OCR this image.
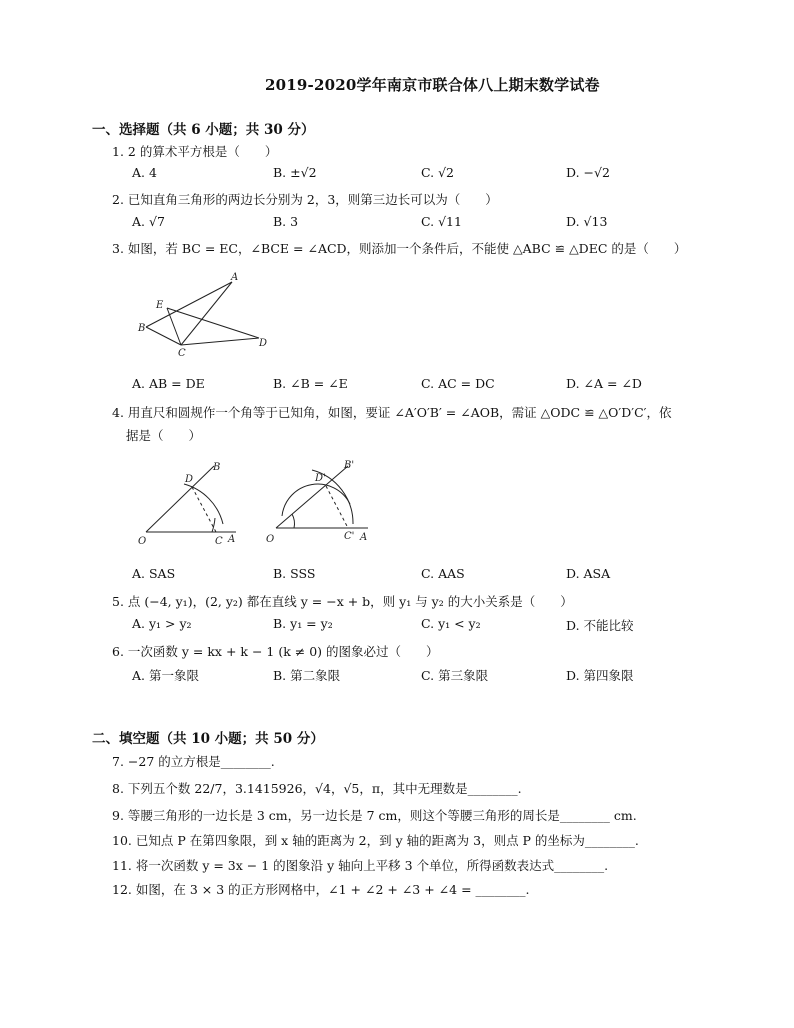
2019-2020学年南京市联合体八上期末数学试卷
一、选择题（共 6 小题；共 30 分）
1. 2 的算术平方根是（　　）
A. 4	B. ±√2	C. √2	D. −√2
2. 已知直角三角形的两边长分别为 2，3，则第三边长可以为（　　）
A. √7	B. 3	C. √11	D. √13
3. 如图，若 BC = EC，∠BCE = ∠ACD，则添加一个条件后，不能使 △ABC ≌ △DEC 的是（　　）
A
B
C
D
E
A. AB = DE	B. ∠B = ∠E	C. AC = DC	D. ∠A = ∠D
4. 用直尺和圆规作一个角等于已知角，如图，要证 ∠A′O′B′ = ∠AOB，需证 △ODC ≌ △O′D′C′，依
据是（　　）
O	C A
D
B
O	C' A
D'
B'
A. SAS	B. SSS	C. AAS	D. ASA
5. 点 (−4, y₁)，(2, y₂) 都在直线 y = −x + b，则 y₁ 与 y₂ 的大小关系是（　　）
A. y₁ > y₂	B. y₁ = y₂	C. y₁ < y₂	D. 不能比较
6. 一次函数 y = kx + k − 1 (k ≠ 0) 的图象必过（　　）
A. 第一象限	B. 第二象限	C. 第三象限	D. 第四象限
二、填空题（共 10 小题；共 50 分）
7. −27 的立方根是________.
8. 下列五个数 22/7，3.1415926，√4，√5，π，其中无理数是________.
9. 等腰三角形的一边长是 3 cm，另一边长是 7 cm，则这个等腰三角形的周长是________ cm.
10. 已知点 P 在第四象限，到 x 轴的距离为 2，到 y 轴的距离为 3，则点 P 的坐标为________.
11. 将一次函数 y = 3x − 1 的图象沿 y 轴向上平移 3 个单位，所得函数表达式________.
12. 如图，在 3 × 3 的正方形网格中，∠1 + ∠2 + ∠3 + ∠4 = ________.
